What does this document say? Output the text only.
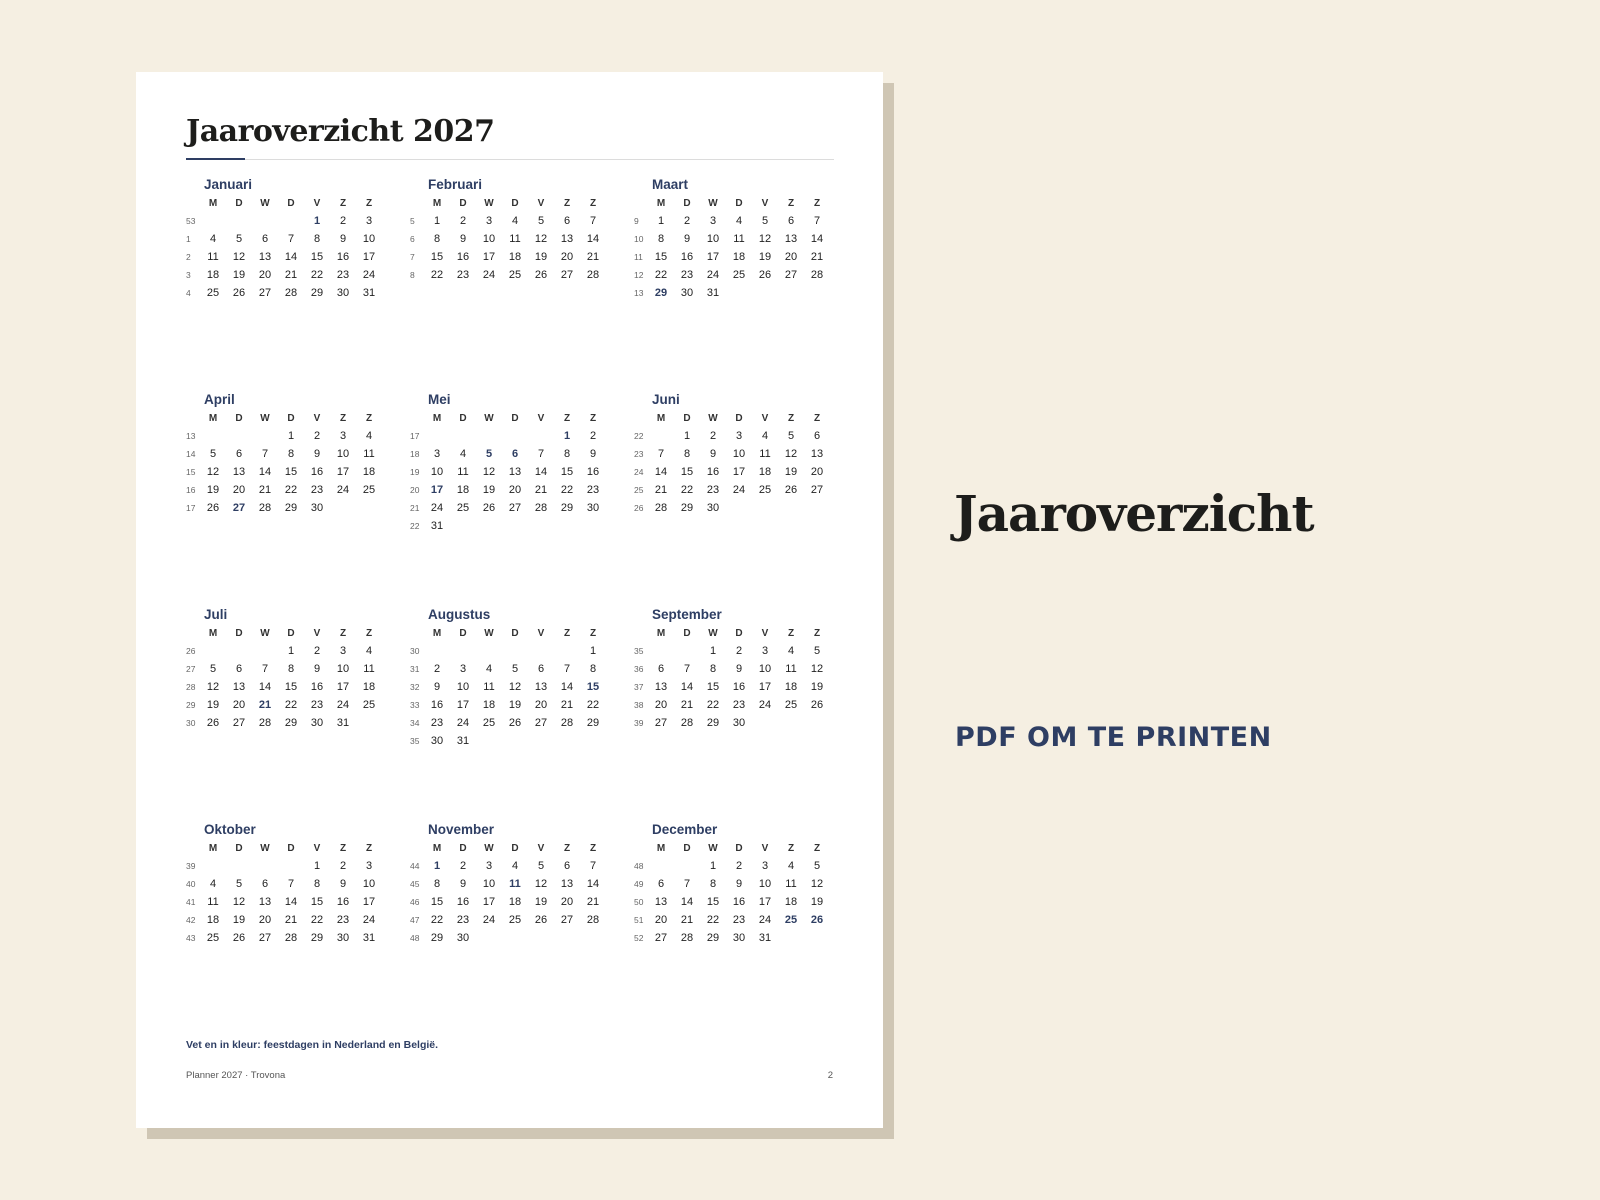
Jaaroverzicht 2027
Januari
	M	D	W	D	V	Z	Z
53					1	2	3
1	4	5	6	7	8	9	10
2	11	12	13	14	15	16	17
3	18	19	20	21	22	23	24
4	25	26	27	28	29	30	31
Februari
	M	D	W	D	V	Z	Z
5	1	2	3	4	5	6	7
6	8	9	10	11	12	13	14
7	15	16	17	18	19	20	21
8	22	23	24	25	26	27	28
Maart
	M	D	W	D	V	Z	Z
9	1	2	3	4	5	6	7
10	8	9	10	11	12	13	14
11	15	16	17	18	19	20	21
12	22	23	24	25	26	27	28
13	29	30	31				
April
	M	D	W	D	V	Z	Z
13				1	2	3	4
14	5	6	7	8	9	10	11
15	12	13	14	15	16	17	18
16	19	20	21	22	23	24	25
17	26	27	28	29	30		
Mei
	M	D	W	D	V	Z	Z
17						1	2
18	3	4	5	6	7	8	9
19	10	11	12	13	14	15	16
20	17	18	19	20	21	22	23
21	24	25	26	27	28	29	30
22	31						
Juni
	M	D	W	D	V	Z	Z
22		1	2	3	4	5	6
23	7	8	9	10	11	12	13
24	14	15	16	17	18	19	20
25	21	22	23	24	25	26	27
26	28	29	30				
Juli
	M	D	W	D	V	Z	Z
26				1	2	3	4
27	5	6	7	8	9	10	11
28	12	13	14	15	16	17	18
29	19	20	21	22	23	24	25
30	26	27	28	29	30	31	
Augustus
	M	D	W	D	V	Z	Z
30							1
31	2	3	4	5	6	7	8
32	9	10	11	12	13	14	15
33	16	17	18	19	20	21	22
34	23	24	25	26	27	28	29
35	30	31					
September
	M	D	W	D	V	Z	Z
35			1	2	3	4	5
36	6	7	8	9	10	11	12
37	13	14	15	16	17	18	19
38	20	21	22	23	24	25	26
39	27	28	29	30			
Oktober
	M	D	W	D	V	Z	Z
39					1	2	3
40	4	5	6	7	8	9	10
41	11	12	13	14	15	16	17
42	18	19	20	21	22	23	24
43	25	26	27	28	29	30	31
November
	M	D	W	D	V	Z	Z
44	1	2	3	4	5	6	7
45	8	9	10	11	12	13	14
46	15	16	17	18	19	20	21
47	22	23	24	25	26	27	28
48	29	30					
December
	M	D	W	D	V	Z	Z
48			1	2	3	4	5
49	6	7	8	9	10	11	12
50	13	14	15	16	17	18	19
51	20	21	22	23	24	25	26
52	27	28	29	30	31		

Vet en in kleur: feestdagen in Nederland en België.

Planner 2027 · Trovona	2

Jaaroverzicht

PDF OM TE PRINTEN
